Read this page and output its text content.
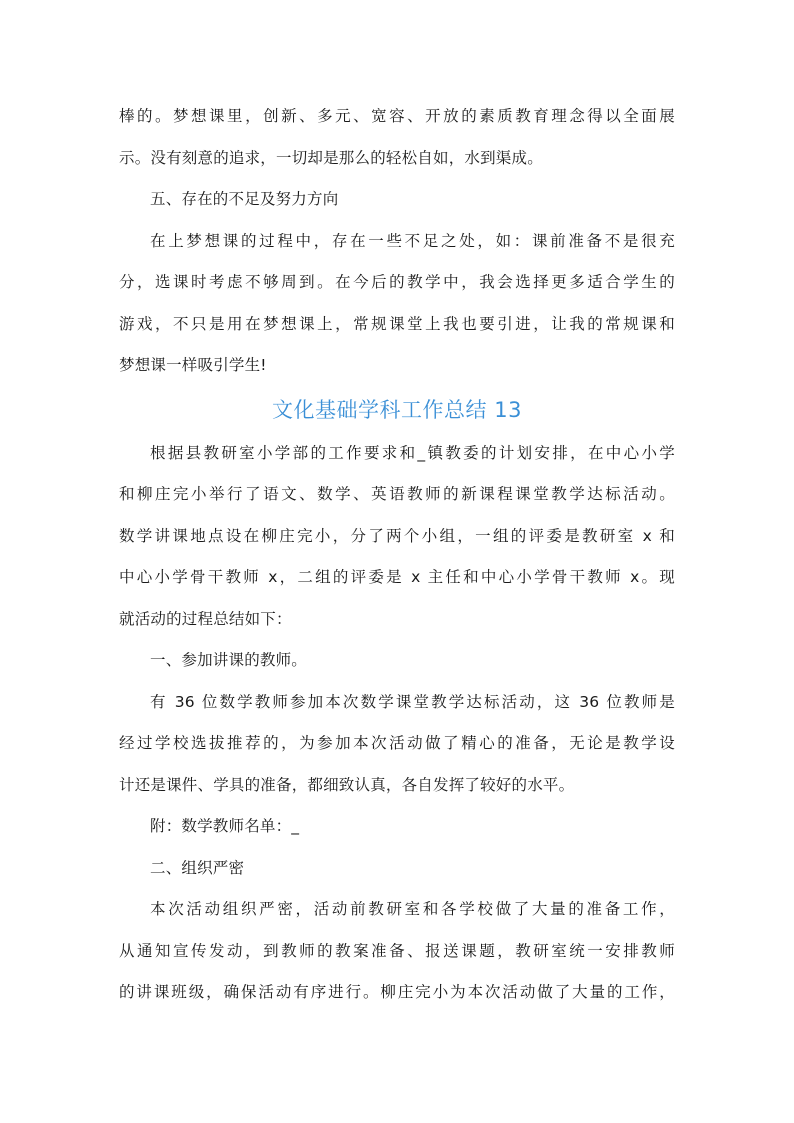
棒的。梦想课里，创新、多元、宽容、开放的素质教育理念得以全面展
示。没有刻意的追求，一切却是那么的轻松自如，水到渠成。
五、存在的不足及努力方向
在上梦想课的过程中，存在一些不足之处，如：课前准备不是很充
分，选课时考虑不够周到。在今后的教学中，我会选择更多适合学生的
游戏，不只是用在梦想课上，常规课堂上我也要引进，让我的常规课和
梦想课一样吸引学生!
文化基础学科工作总结 13
根据县教研室小学部的工作要求和_镇教委的计划安排，在中心小学
和柳庄完小举行了语文、数学、英语教师的新课程课堂教学达标活动。
数学讲课地点设在柳庄完小，分了两个小组，一组的评委是教研室 x 和
中心小学骨干教师 x，二组的评委是 x 主任和中心小学骨干教师 x。现
就活动的过程总结如下：
一、参加讲课的教师。
有 36 位数学教师参加本次数学课堂教学达标活动，这 36 位教师是
经过学校选拔推荐的，为参加本次活动做了精心的准备，无论是教学设
计还是课件、学具的准备，都细致认真，各自发挥了较好的水平。
附：数学教师名单：_
二、组织严密
本次活动组织严密，活动前教研室和各学校做了大量的准备工作，
从通知宣传发动，到教师的教案准备、报送课题，教研室统一安排教师
的讲课班级，确保活动有序进行。柳庄完小为本次活动做了大量的工作，
